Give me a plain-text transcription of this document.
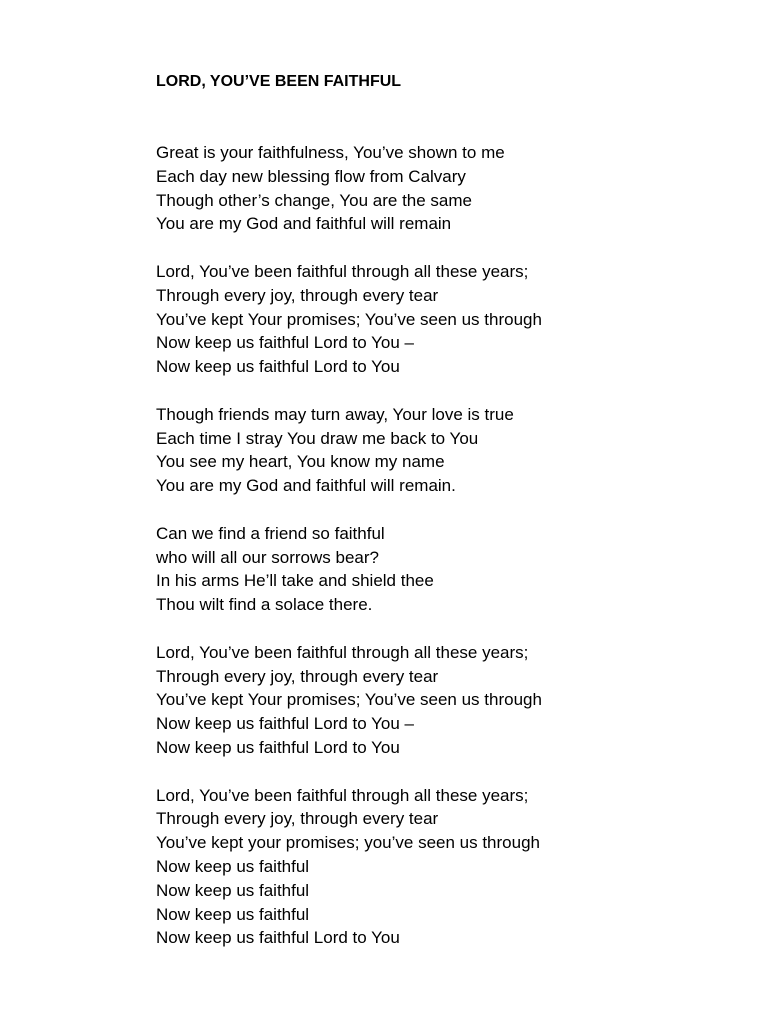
LORD, YOU’VE BEEN FAITHFUL
Great is your faithfulness, You’ve shown to me
Each day new blessing flow from Calvary
Though other’s change, You are the same
You are my God and faithful will remain
Lord, You’ve been faithful through all these years;
Through every joy, through every tear
You’ve kept Your promises; You’ve seen us through
Now keep us faithful Lord to You –
Now keep us faithful Lord to You
Though friends may turn away, Your love is true
Each time I stray You draw me back to You
You see my heart, You know my name
You are my God and faithful will remain.
Can we find a friend so faithful
who will all our sorrows bear?
In his arms He’ll take and shield thee
Thou wilt find a solace there.
Lord, You’ve been faithful through all these years;
Through every joy, through every tear
You’ve kept Your promises; You’ve seen us through
Now keep us faithful Lord to You –
Now keep us faithful Lord to You
Lord, You’ve been faithful through all these years;
Through every joy, through every tear
You’ve kept your promises; you’ve seen us through
Now keep us faithful
Now keep us faithful
Now keep us faithful
Now keep us faithful Lord to You
